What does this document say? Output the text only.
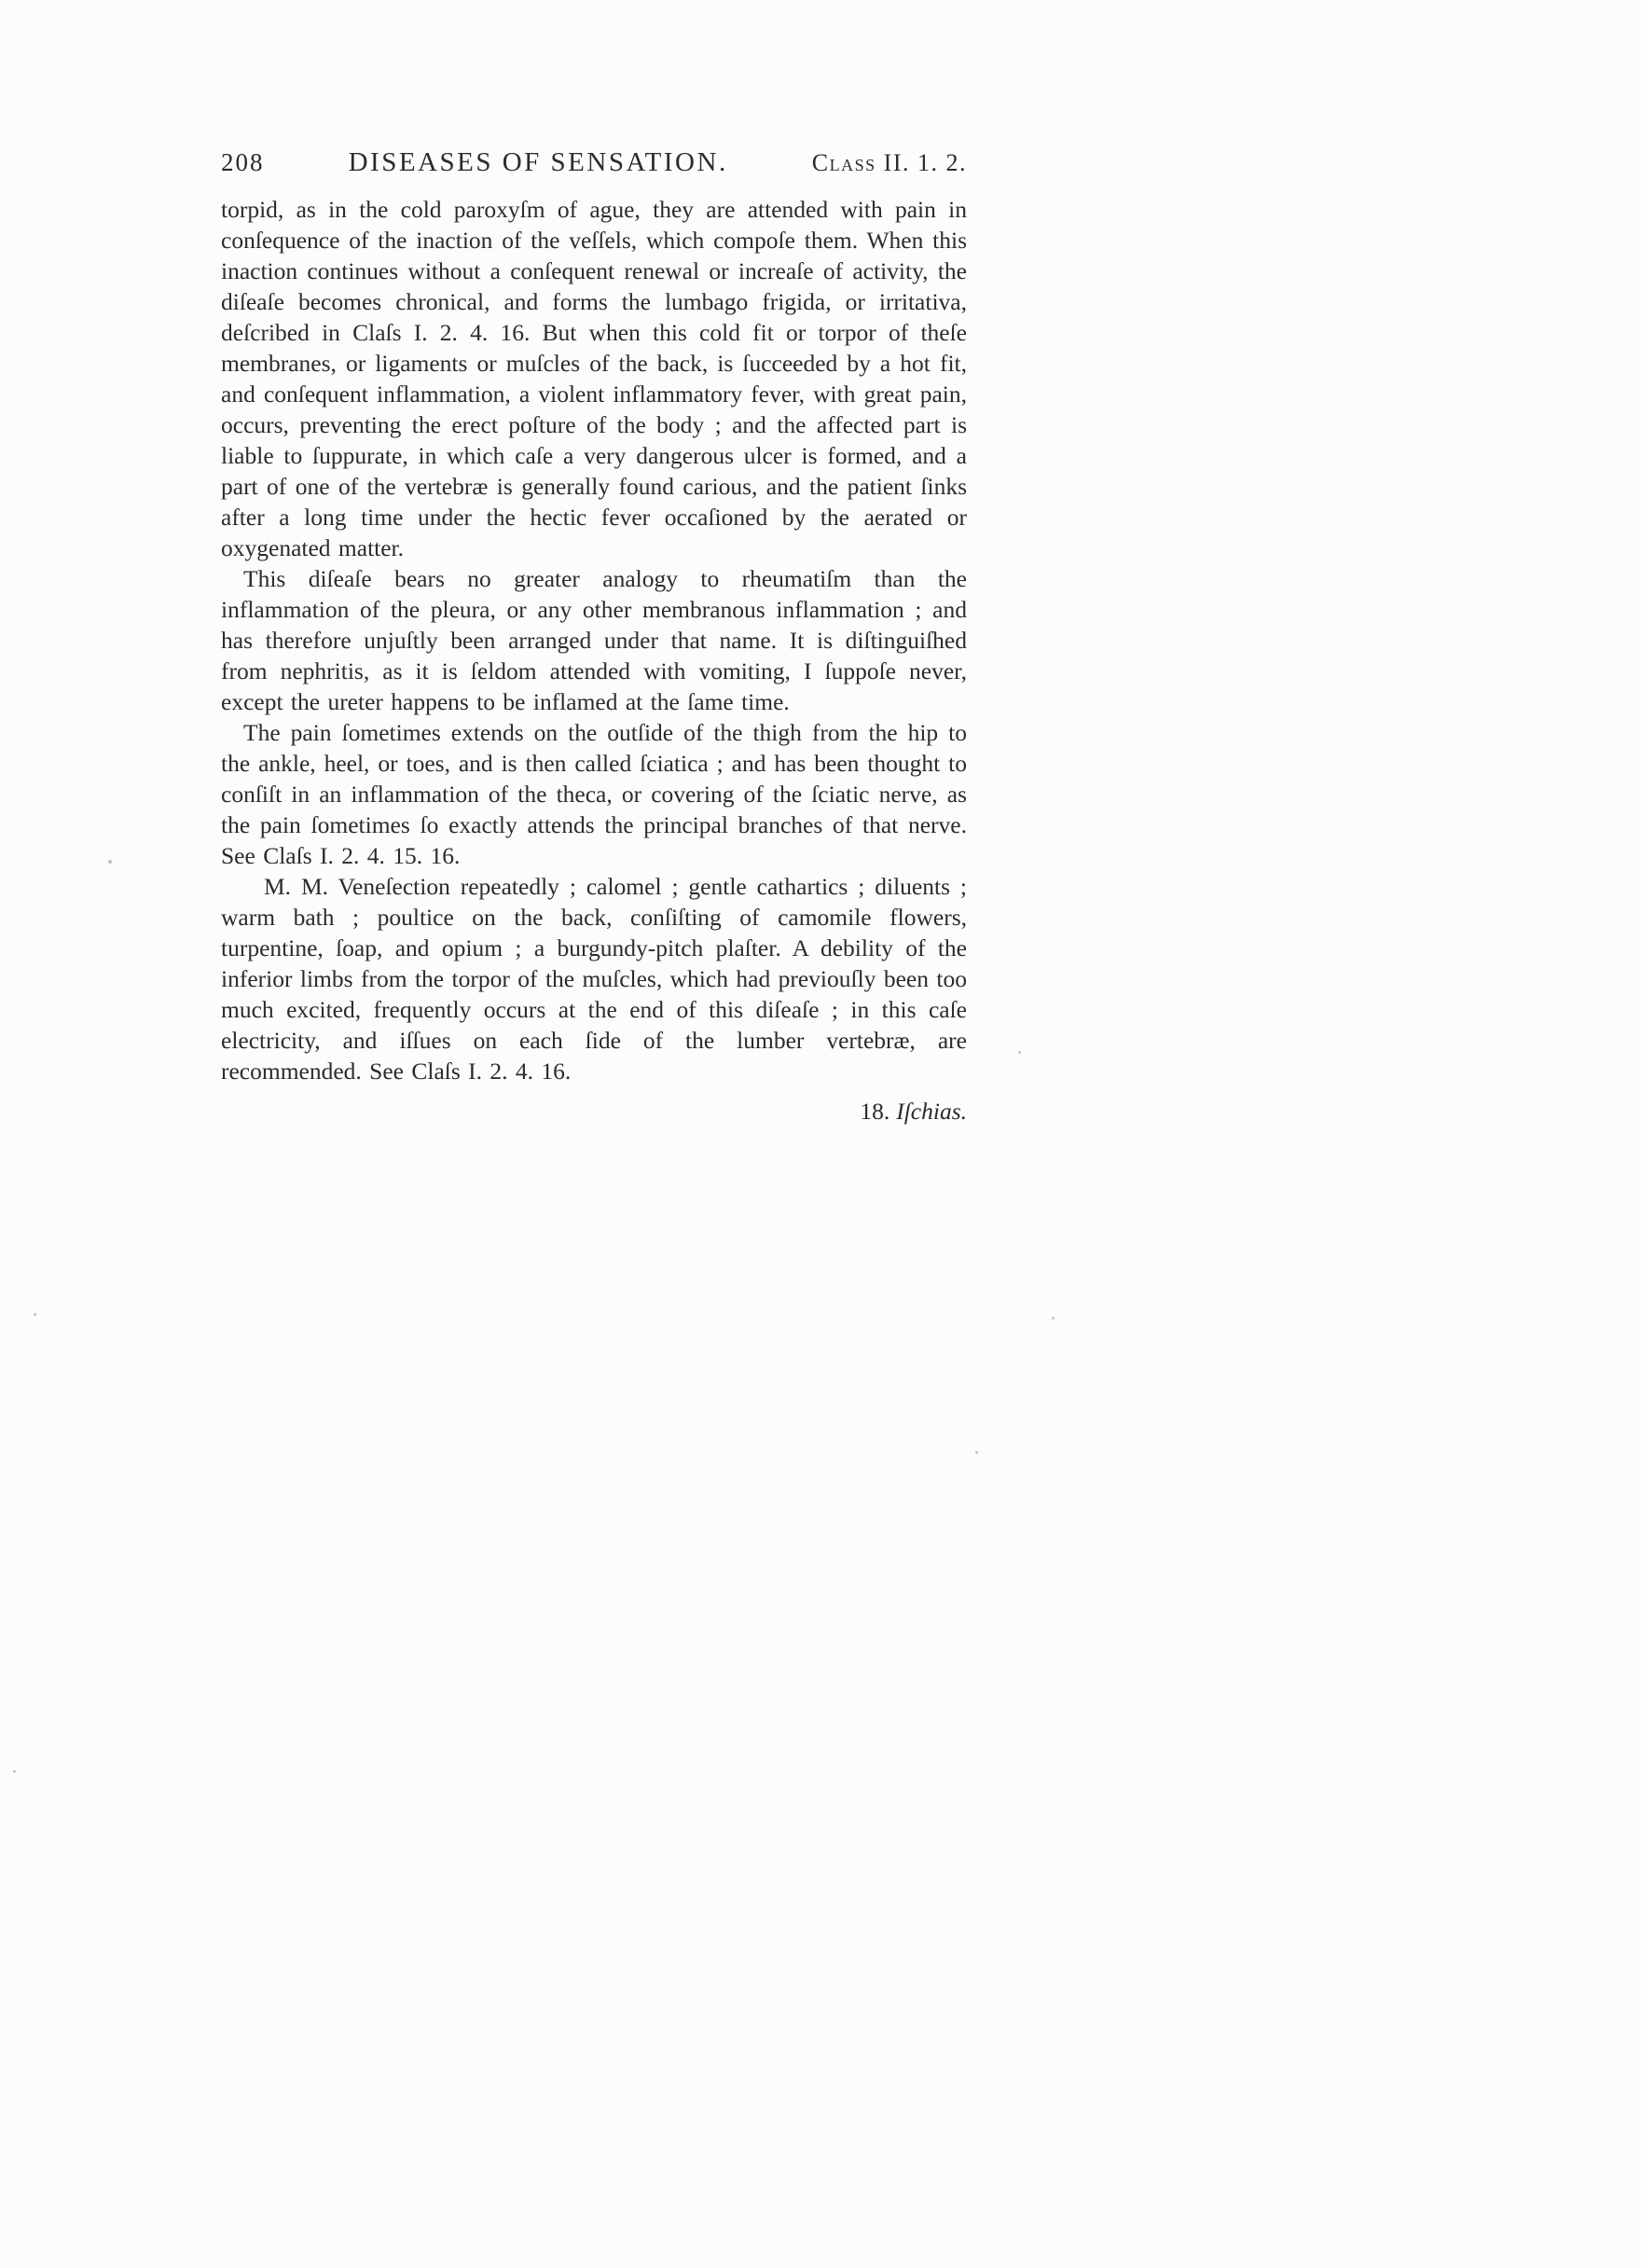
208	DISEASES OF SENSATION.	Class II. 1. 2.

torpid, as in the cold paroxyſm of ague, they are attended with pain in conſequence of the inaction of the veſſels, which compoſe them. When this inaction continues without a conſequent renewal or increaſe of activity, the diſeaſe becomes chronical, and forms the lumbago frigida, or irritativa, deſcribed in Claſs I. 2. 4. 16. But when this cold fit or torpor of theſe membranes, or ligaments or muſcles of the back, is ſucceeded by a hot fit, and conſequent inflammation, a violent inflammatory fever, with great pain, occurs, preventing the erect poſture of the body ; and the affected part is liable to ſuppurate, in which caſe a very dangerous ulcer is formed, and a part of one of the vertebræ is generally found carious, and the patient ſinks after a long time under the hectic fever occaſioned by the aerated or oxygenated matter.

This diſeaſe bears no greater analogy to rheumatiſm than the inflammation of the pleura, or any other membranous inflammation ; and has therefore unjuſtly been arranged under that name. It is diſtinguiſhed from nephritis, as it is ſeldom attended with vomiting, I ſuppoſe never, except the ureter happens to be inflamed at the ſame time.

The pain ſometimes extends on the outſide of the thigh from the hip to the ankle, heel, or toes, and is then called ſciatica ; and has been thought to conſiſt in an inflammation of the theca, or covering of the ſciatic nerve, as the pain ſometimes ſo exactly attends the principal branches of that nerve. See Claſs I. 2. 4. 15. 16.

M. M. Veneſection repeatedly ; calomel ; gentle cathartics ; diluents ; warm bath ; poultice on the back, conſiſting of camomile flowers, turpentine, ſoap, and opium ; a burgundy-pitch plaſter. A debility of the inferior limbs from the torpor of the muſcles, which had previouſly been too much excited, frequently occurs at the end of this diſeaſe ; in this caſe electricity, and iſſues on each ſide of the lumber vertebræ, are recommended. See Claſs I. 2. 4. 16.

18. Iſchias.
